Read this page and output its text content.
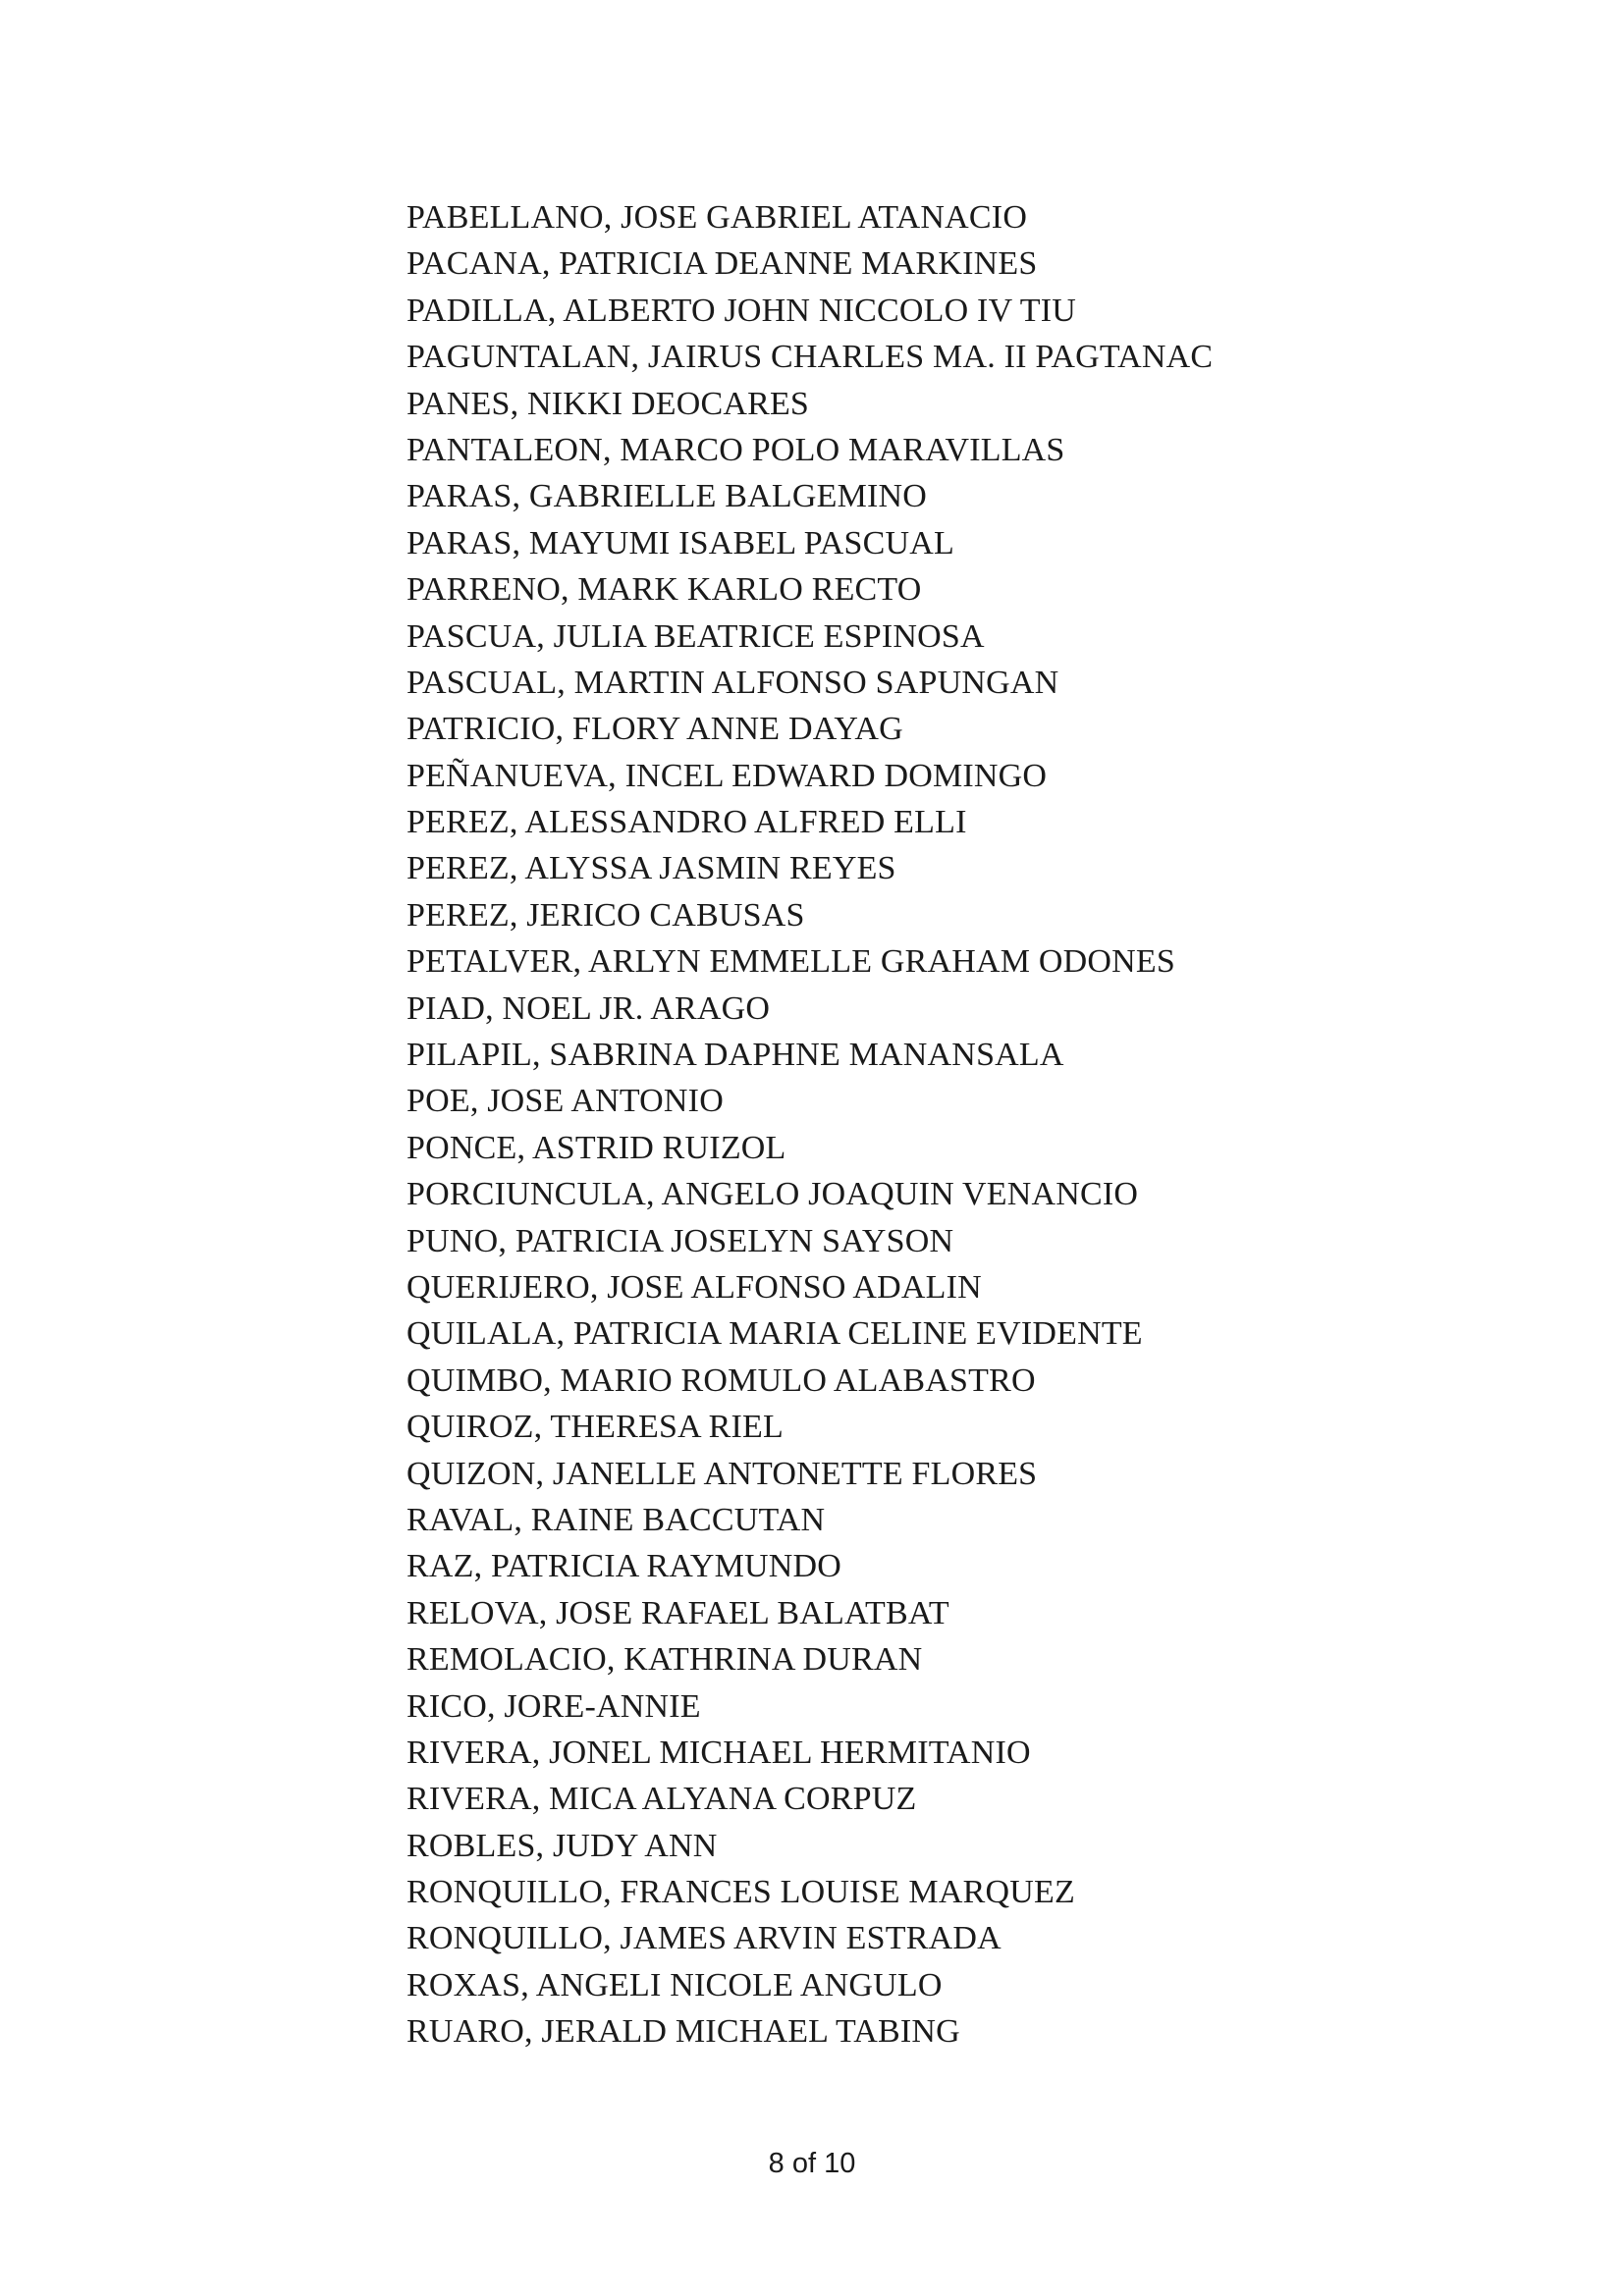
PABELLANO, JOSE GABRIEL ATANACIO
PACANA, PATRICIA DEANNE MARKINES
PADILLA, ALBERTO JOHN NICCOLO IV TIU
PAGUNTALAN, JAIRUS CHARLES MA. II PAGTANAC
PANES, NIKKI DEOCARES
PANTALEON, MARCO POLO MARAVILLAS
PARAS, GABRIELLE BALGEMINO
PARAS, MAYUMI ISABEL PASCUAL
PARRENO, MARK KARLO RECTO
PASCUA, JULIA BEATRICE ESPINOSA
PASCUAL, MARTIN ALFONSO SAPUNGAN
PATRICIO, FLORY ANNE DAYAG
PEÑANUEVA, INCEL EDWARD DOMINGO
PEREZ, ALESSANDRO ALFRED ELLI
PEREZ, ALYSSA JASMIN REYES
PEREZ, JERICO CABUSAS
PETALVER, ARLYN EMMELLE GRAHAM ODONES
PIAD, NOEL JR. ARAGO
PILAPIL, SABRINA DAPHNE MANANSALA
POE, JOSE ANTONIO
PONCE, ASTRID RUIZOL
PORCIUNCULA, ANGELO JOAQUIN VENANCIO
PUNO, PATRICIA JOSELYN SAYSON
QUERIJERO, JOSE ALFONSO ADALIN
QUILALA, PATRICIA MARIA CELINE EVIDENTE
QUIMBO, MARIO ROMULO ALABASTRO
QUIROZ, THERESA RIEL
QUIZON, JANELLE ANTONETTE FLORES
RAVAL, RAINE BACCUTAN
RAZ, PATRICIA RAYMUNDO
RELOVA, JOSE RAFAEL BALATBAT
REMOLACIO, KATHRINA DURAN
RICO, JORE-ANNIE
RIVERA, JONEL MICHAEL HERMITANIO
RIVERA, MICA ALYANA CORPUZ
ROBLES, JUDY ANN
RONQUILLO, FRANCES LOUISE MARQUEZ
RONQUILLO, JAMES ARVIN ESTRADA
ROXAS, ANGELI NICOLE ANGULO
RUARO, JERALD MICHAEL TABING
8 of 10
